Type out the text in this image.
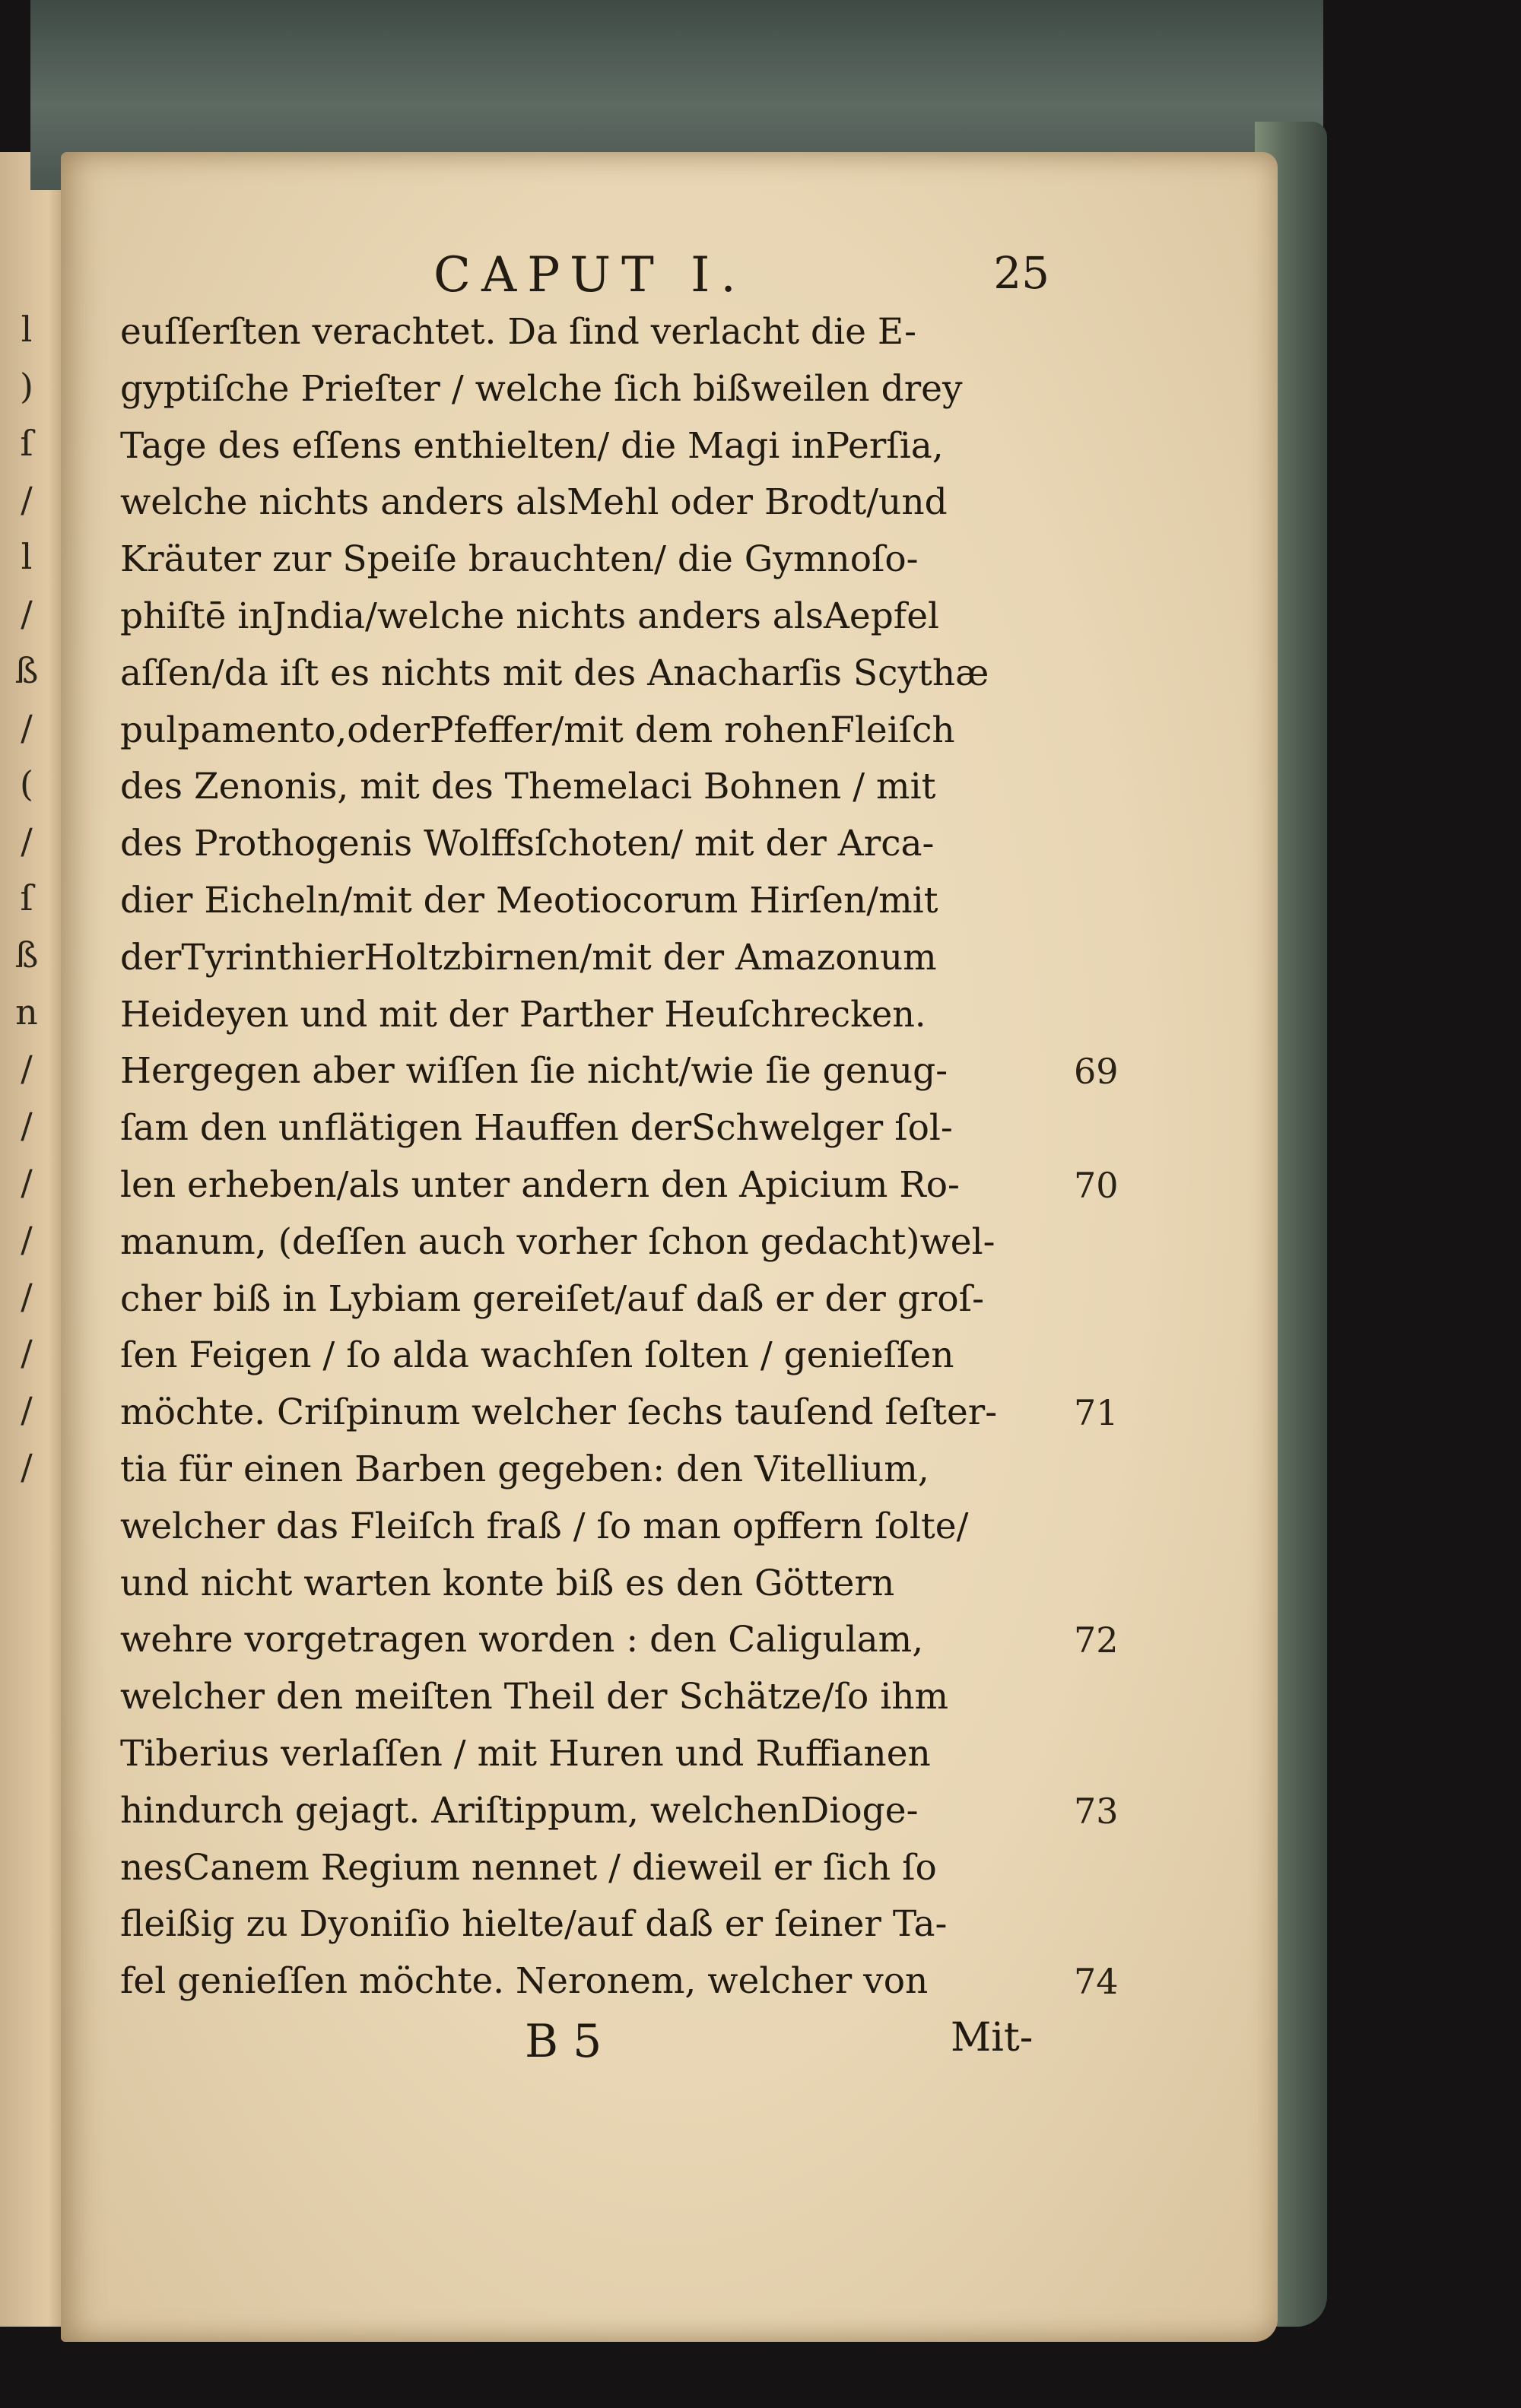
l
)
ſ
/
l
/
ß
/
(
/
ſ
ß
n
/
/
/
/
/
/
/
/
CAPUT I.	25
euſſerſten verachtet. Da ſind verlacht die E-
gyptiſche Prieſter / welche ſich bißweilen drey
Tage des eſſens enthielten/ die Magi inPerſia,
welche nichts anders alsMehl oder Brodt/und
Kräuter zur Speiſe brauchten/ die Gymnoſo-
phiſtē inJndia/welche nichts anders alsAepfel
aſſen/da iſt es nichts mit des Anacharſis Scythæ
pulpamento,oderPfeffer/mit dem rohenFleiſch
des Zenonis, mit des Themelaci Bohnen / mit
des Prothogenis Wolffsſchoten/ mit der Arca-
dier Eicheln/mit der Meotiocorum Hirſen/mit
derTyrinthierHoltzbirnen/mit der Amazonum
Heideyen und mit der Parther Heuſchrecken.
Hergegen aber wiſſen ſie nicht/wie ſie genug-
ſam den unflätigen Hauffen derSchwelger ſol-
len erheben/als unter andern den Apicium Ro-
manum, (deſſen auch vorher ſchon gedacht)wel-
cher biß in Lybiam gereiſet/auf daß er der groſ-
ſen Feigen / ſo alda wachſen ſolten / genieſſen
möchte. Criſpinum welcher ſechs tauſend ſeſter-
tia für einen Barben gegeben: den Vitellium,
welcher das Fleiſch fraß / ſo man opffern ſolte/
und nicht warten konte biß es den Göttern
wehre vorgetragen worden : den Caligulam,
welcher den meiſten Theil der Schätze/ſo ihm
Tiberius verlaſſen / mit Huren und Ruffianen
hindurch gejagt. Ariſtippum, welchenDioge-
nesCanem Regium nennet / dieweil er ſich ſo
fleißig zu Dyoniſio hielte/auf daß er ſeiner Ta-
fel genieſſen möchte. Neronem, welcher von
69
70
71
72
73
74
B 5	Mit-
